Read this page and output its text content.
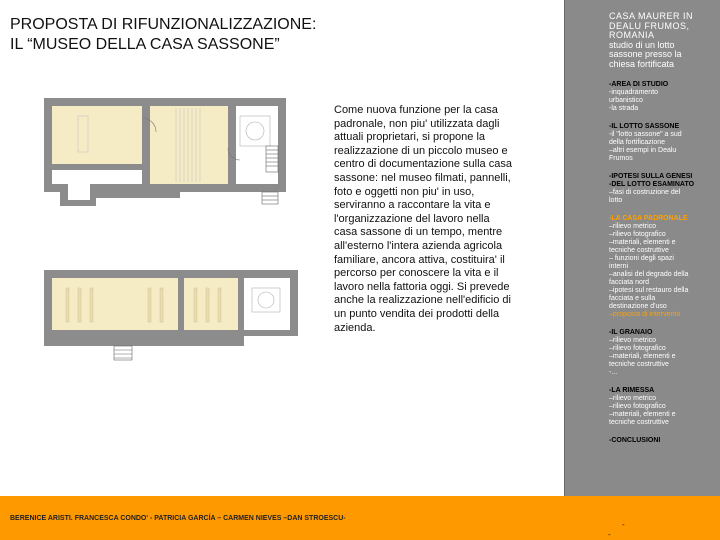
PROPOSTA DI RIFUNZIONALIZZAZIONE:
IL “MUSEO DELLA CASA SASSONE”

Come nuova funzione per la casa padronale, non piu' utilizzata dagli attuali proprietari, si propone la realizzazione di un piccolo museo e centro di documentazione sulla casa sassone: nel museo filmati, pannelli, foto e oggetti non piu' in uso, serviranno a raccontare la vita e l'organizzazione del lavoro nella casa sassone di un tempo, mentre all'esterno l'intera azienda agricola familiare, ancora attiva, costituira' il percorso per conoscere la vita e il lavoro nella fattoria oggi. Si prevede anche la realizzazione nell'edificio di un punto vendita dei prodotti della azienda.

CASA MAURER IN
DEALU FRUMOS,
ROMANIA
studio di un lotto
sassone presso la
chiesa fortificata
-AREA DI STUDIO
-inquadramento
urbanistico
-la strada
-IL LOTTO SASSONE
-il "lotto sassone" a sud
della fortificazione
–altri esempi in Dealu
Frumos
-IPOTESI SULLA GENESI
-DEL LOTTO ESAMINATO
–fasi di costruzione del
lotto
-LA CASA PADRONALE
–rilievo metrico
–rilievo fotografico
–materiali, elementi e
tecniche costruttive
– funzioni degli spazi
interni
–analisi del degrado della
facciata nord
–ipotesi sul restauro della
facciata e sulla
destinazione d'uso
–proposta di intervento
-IL GRANAIO
–rilievo metrico
–rilievo fotografico
–materiali, elementi e
tecniche costruttive
-...
-LA RIMESSA
–rilievo metrico
–rilievo fotografico
–materiali, elementi e
tecniche costruttive
-CONCLUSIONI
BERENICE ARISTI. FRANCESCA CONDO' - PATRICIA GARCÍA – CARMEN NIEVES –DAN STROESCU-
-
-
